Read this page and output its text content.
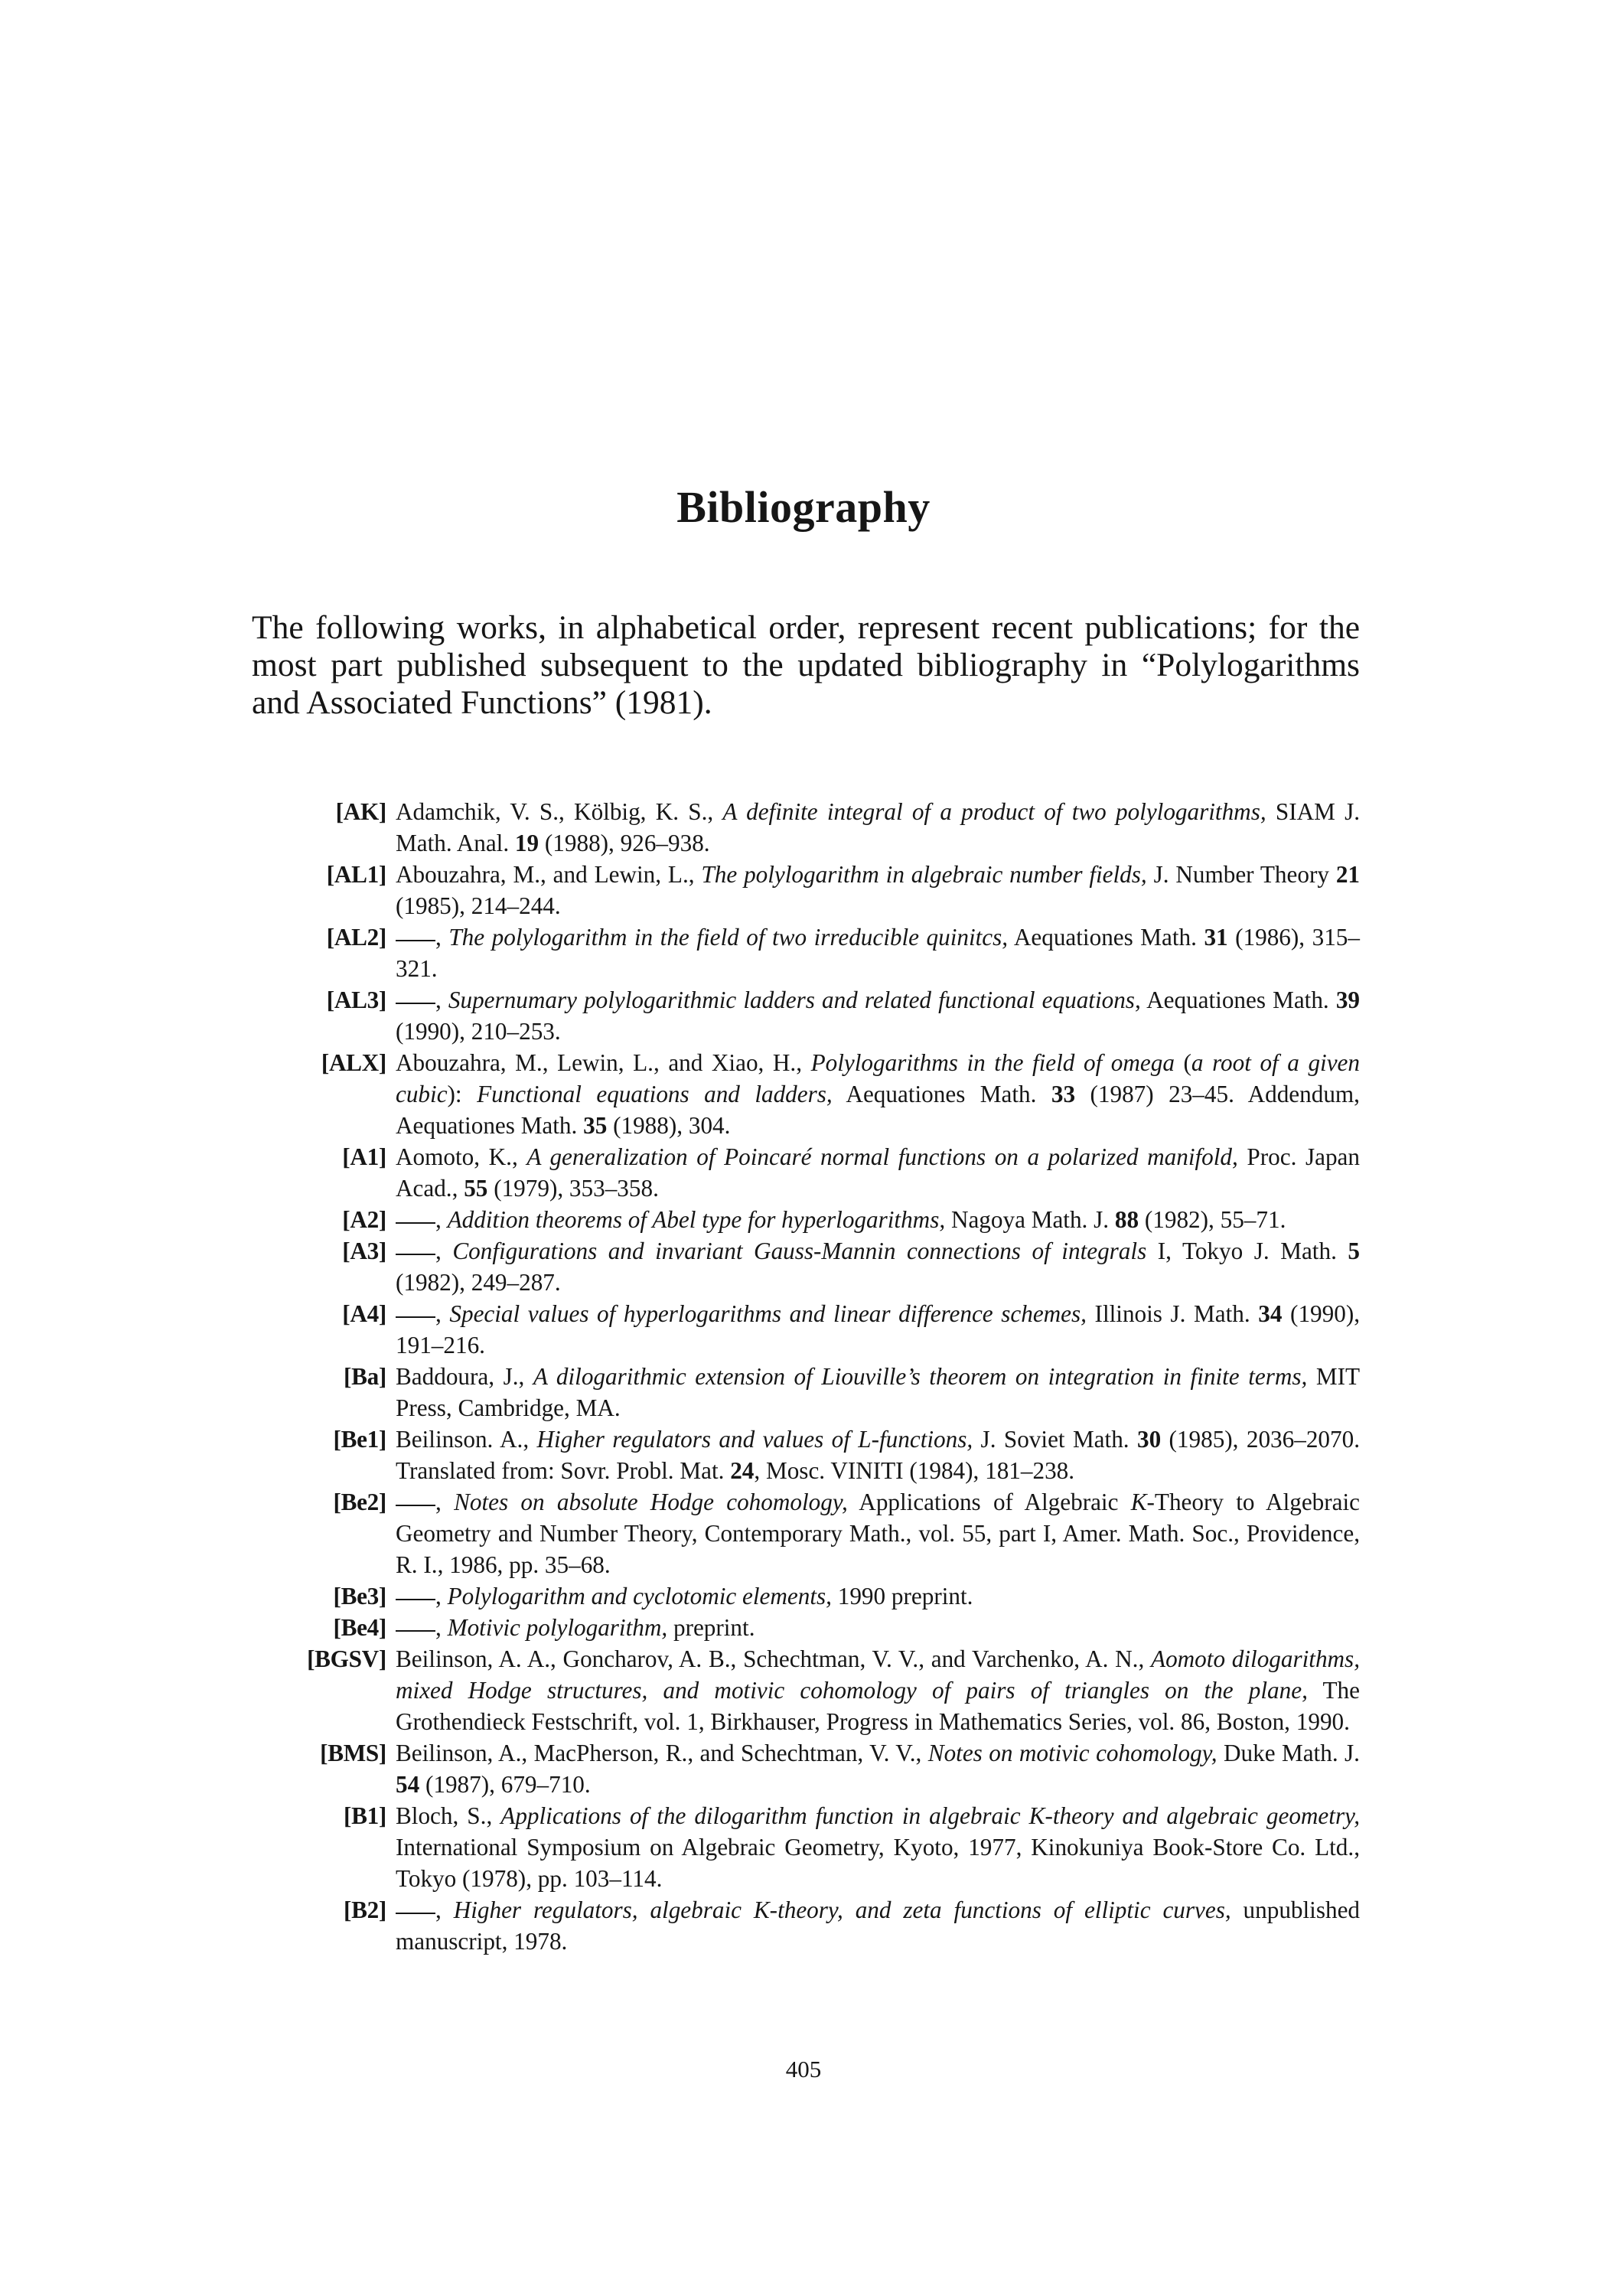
Bibliography
The following works, in alphabetical order, represent recent publications; for the most part published subsequent to the updated bibliography in “Polylogarithms and Associated Functions” (1981).
[AK] Adamchik, V. S., Kölbig, K. S., A definite integral of a product of two polylogarithms, SIAM J. Math. Anal. 19 (1988), 926–938.
[AL1] Abouzahra, M., and Lewin, L., The polylogarithm in algebraic number fields, J. Number Theory 21 (1985), 214–244.
[AL2]	, The polylogarithm in the field of two irreducible quinitcs, Aequationes Math. 31 (1986), 315–321.
[AL3]	, Supernumary polylogarithmic ladders and related functional equations, Aequationes Math. 39 (1990), 210–253.
[ALX] Abouzahra, M., Lewin, L., and Xiao, H., Polylogarithms in the field of omega (a root of a given cubic): Functional equations and ladders, Aequationes Math. 33 (1987) 23–45. Addendum, Aequationes Math. 35 (1988), 304.
[A1] Aomoto, K., A generalization of Poincaré normal functions on a polarized manifold, Proc. Japan Acad., 55 (1979), 353–358.
[A2]	, Addition theorems of Abel type for hyperlogarithms, Nagoya Math. J. 88 (1982), 55–71.
[A3]	, Configurations and invariant Gauss-Mannin connections of integrals I, Tokyo J. Math. 5 (1982), 249–287.
[A4]	, Special values of hyperlogarithms and linear difference schemes, Illinois J. Math. 34 (1990), 191–216.
[Ba] Baddoura, J., A dilogarithmic extension of Liouville’s theorem on integration in finite terms, MIT Press, Cambridge, MA.
[Be1] Beilinson. A., Higher regulators and values of L-functions, J. Soviet Math. 30 (1985), 2036–2070. Translated from: Sovr. Probl. Mat. 24, Mosc. VINITI (1984), 181–238.
[Be2]	, Notes on absolute Hodge cohomology, Applications of Algebraic K-Theory to Algebraic Geometry and Number Theory, Contemporary Math., vol. 55, part I, Amer. Math. Soc., Providence, R. I., 1986, pp. 35–68.
[Be3]	, Polylogarithm and cyclotomic elements, 1990 preprint.
[Be4]	, Motivic polylogarithm, preprint.
[BGSV] Beilinson, A. A., Goncharov, A. B., Schechtman, V. V., and Varchenko, A. N., Aomoto dilogarithms, mixed Hodge structures, and motivic cohomology of pairs of triangles on the plane, The Grothendieck Festschrift, vol. 1, Birkhauser, Progress in Mathematics Series, vol. 86, Boston, 1990.
[BMS] Beilinson, A., MacPherson, R., and Schechtman, V. V., Notes on motivic cohomology, Duke Math. J. 54 (1987), 679–710.
[B1] Bloch, S., Applications of the dilogarithm function in algebraic K-theory and algebraic geometry, International Symposium on Algebraic Geometry, Kyoto, 1977, Kinokuniya Book-Store Co. Ltd., Tokyo (1978), pp. 103–114.
[B2]	, Higher regulators, algebraic K-theory, and zeta functions of elliptic curves, unpublished manuscript, 1978.
405
